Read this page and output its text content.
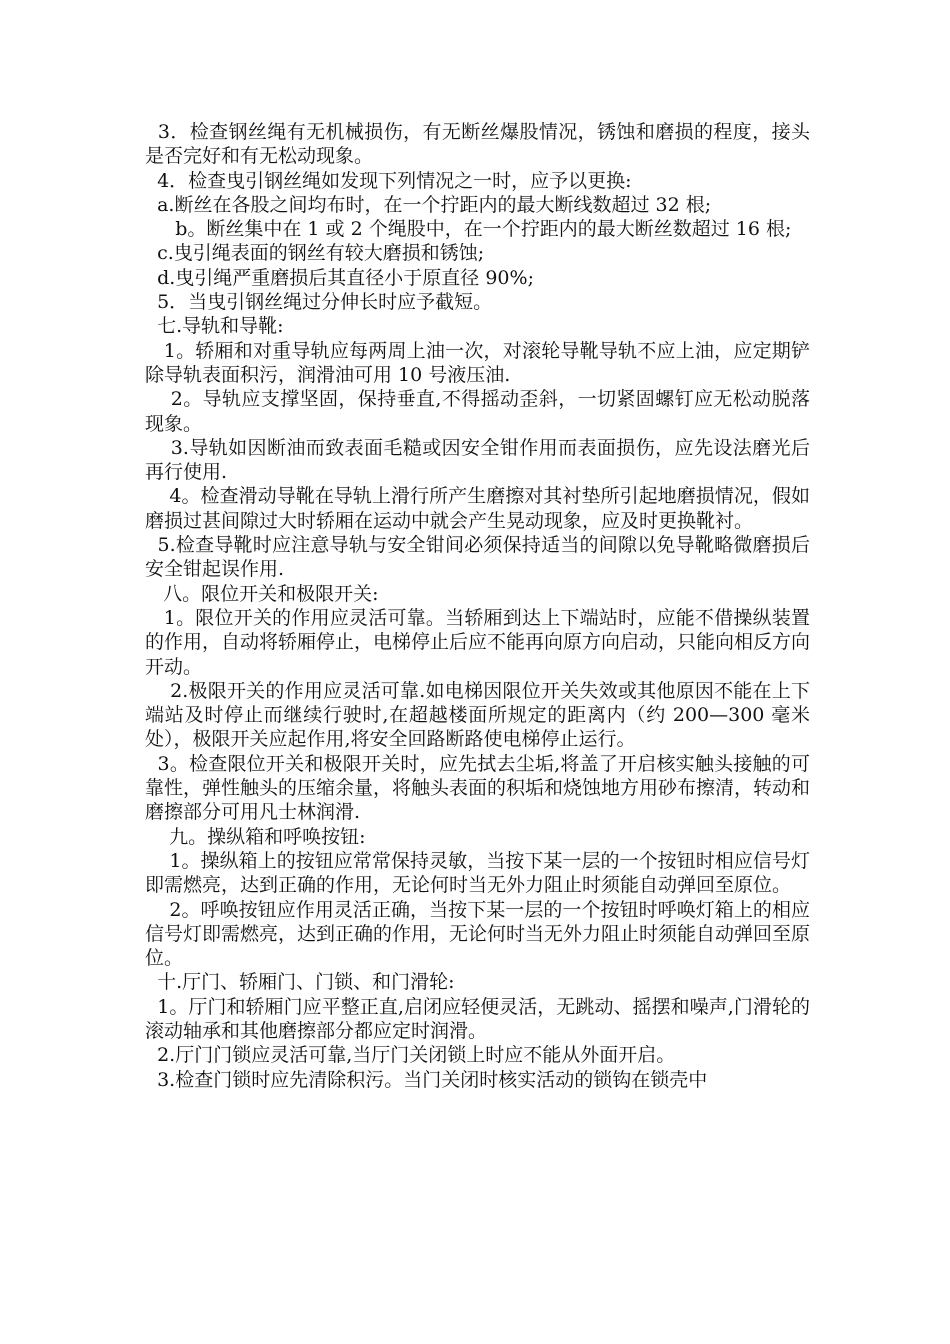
3．检查钢丝绳有无机械损伤，有无断丝爆股情况，锈蚀和磨损的程度，接头是否完好和有无松动现象。

4．检查曳引钢丝绳如发现下列情况之一时，应予以更换:

a.断丝在各股之间均布时，在一个拧距内的最大断线数超过 32 根;

b。断丝集中在 1 或 2 个绳股中，在一个拧距内的最大断丝数超过 16 根;

c.曳引绳表面的钢丝有较大磨损和锈蚀;

d.曳引绳严重磨损后其直径小于原直径 90%;

5．当曳引钢丝绳过分伸长时应予截短。

七.导轨和导靴:

1。轿厢和对重导轨应每两周上油一次，对滚轮导靴导轨不应上油，应定期铲除导轨表面积污，润滑油可用 10 号液压油.

2。导轨应支撑坚固，保持垂直,不得摇动歪斜，一切紧固螺钉应无松动脱落现象。

3.导轨如因断油而致表面毛糙或因安全钳作用而表面损伤，应先设法磨光后再行使用.

4。检查滑动导靴在导轨上滑行所产生磨擦对其衬垫所引起地磨损情况，假如磨损过甚间隙过大时轿厢在运动中就会产生晃动现象，应及时更换靴衬。

5.检查导靴时应注意导轨与安全钳间必须保持适当的间隙以免导靴略微磨损后安全钳起误作用.

八。限位开关和极限开关:

1。限位开关的作用应灵活可靠。当轿厢到达上下端站时，应能不借操纵装置的作用，自动将轿厢停止，电梯停止后应不能再向原方向启动，只能向相反方向开动。

2.极限开关的作用应灵活可靠.如电梯因限位开关失效或其他原因不能在上下端站及时停止而继续行驶时,在超越楼面所规定的距离内（约 200—300 毫米处），极限开关应起作用,将安全回路断路使电梯停止运行。

3。检查限位开关和极限开关时，应先拭去尘垢,将盖了开启核实触头接触的可靠性，弹性触头的压缩余量，将触头表面的积垢和烧蚀地方用砂布擦清，转动和磨擦部分可用凡士林润滑.

九。操纵箱和呼唤按钮:

1。操纵箱上的按钮应常常保持灵敏，当按下某一层的一个按钮时相应信号灯即需燃亮，达到正确的作用，无论何时当无外力阻止时须能自动弹回至原位。

2。呼唤按钮应作用灵活正确，当按下某一层的一个按钮时呼唤灯箱上的相应信号灯即需燃亮，达到正确的作用，无论何时当无外力阻止时须能自动弹回至原位。

十.厅门、轿厢门、门锁、和门滑轮:

1。厅门和轿厢门应平整正直,启闭应轻便灵活，无跳动、摇摆和噪声,门滑轮的滚动轴承和其他磨擦部分都应定时润滑。

2.厅门门锁应灵活可靠,当厅门关闭锁上时应不能从外面开启。

3.检查门锁时应先清除积污。当门关闭时核实活动的锁钩在锁壳中
